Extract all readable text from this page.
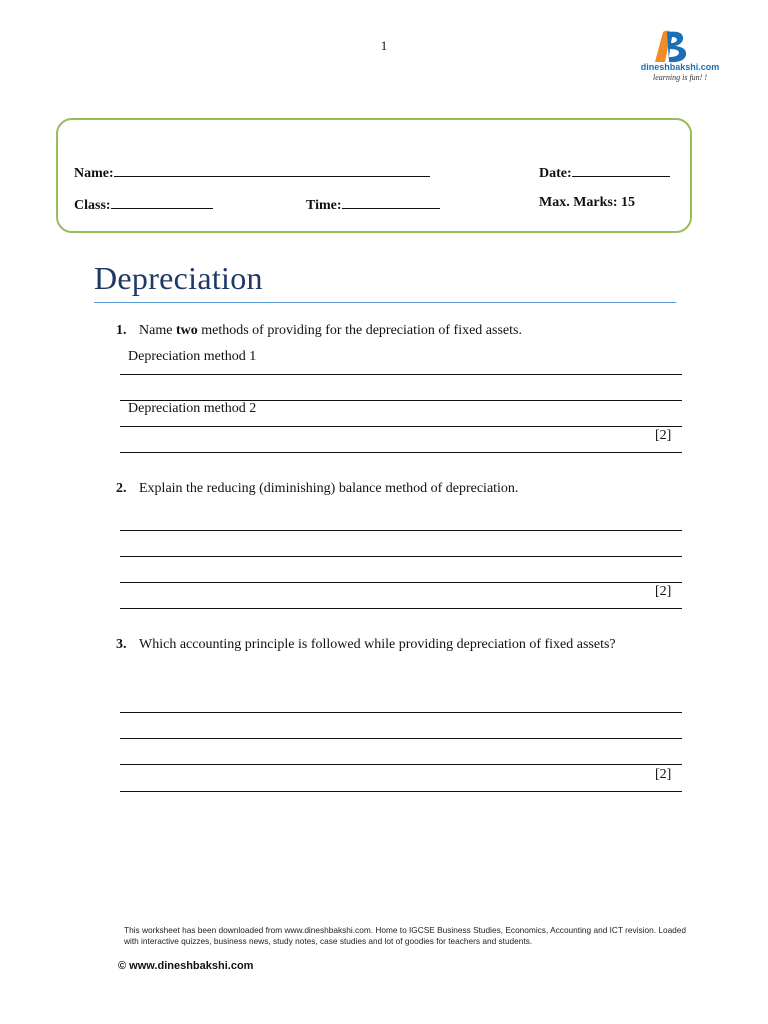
1
dineshbakshi.com
learning is fun! !
Name:	Date:
Class:	Time:	Max. Marks: 15
Depreciation
1. Name two methods of providing for the depreciation of fixed assets.
Depreciation method 1
Depreciation method 2
[2]
2. Explain the reducing (diminishing) balance method of depreciation.
[2]
3. Which accounting principle is followed while providing depreciation of fixed assets?
[2]
This worksheet has been downloaded from www.dineshbakshi.com. Home to IGCSE Business Studies, Economics, Accounting and ICT revision. Loaded with interactive quizzes, business news, study notes, case studies and lot of goodies for teachers and students.
© www.dineshbakshi.com
